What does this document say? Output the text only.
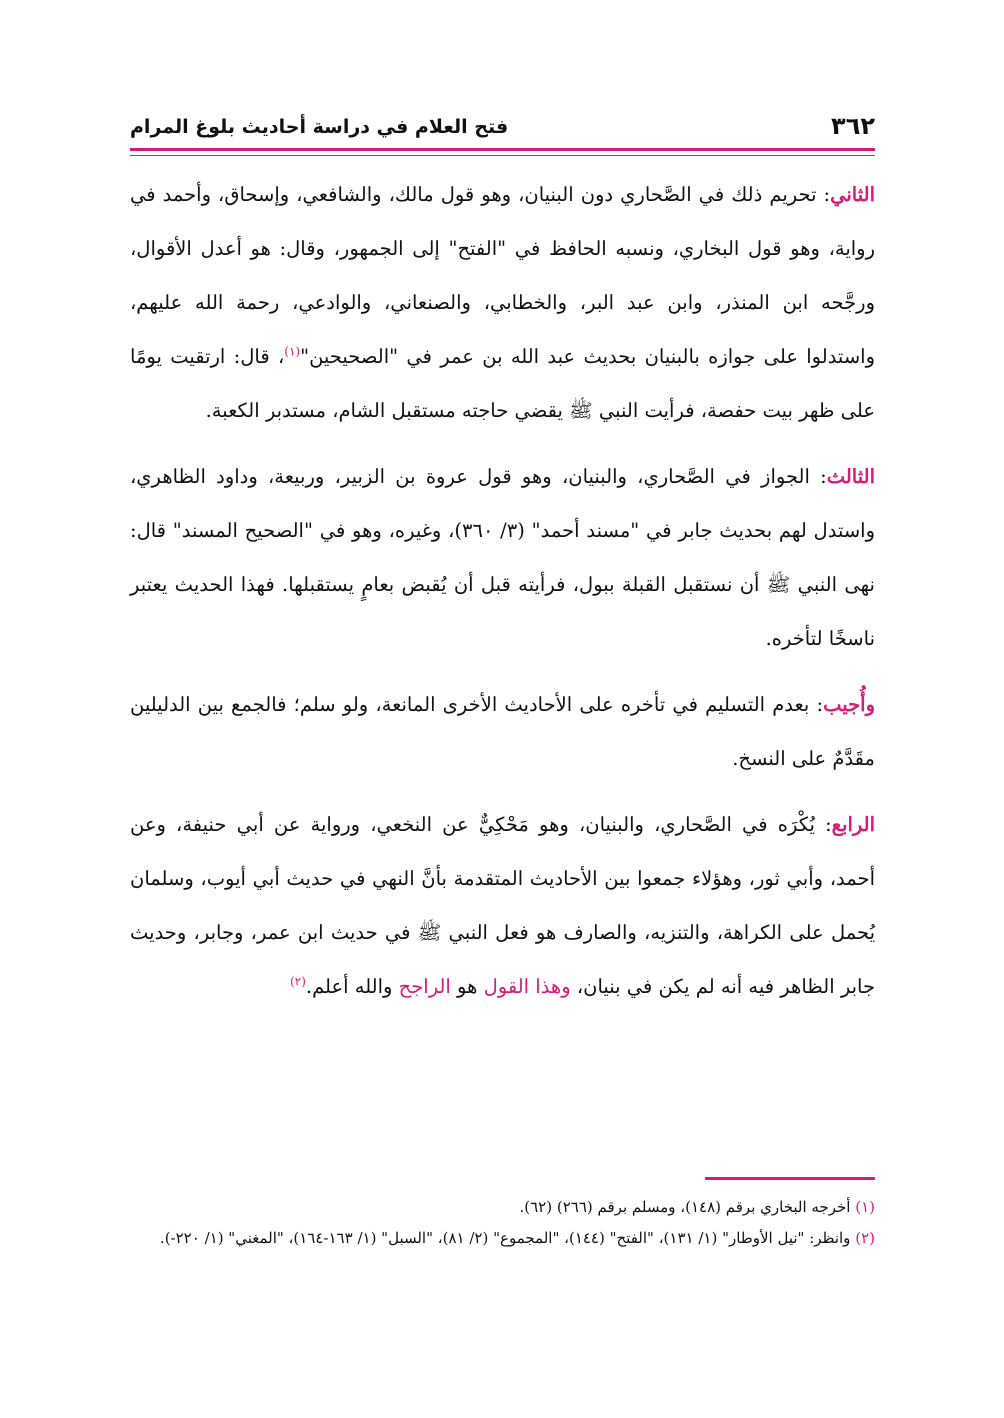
٣٦٢
فتح العلام في دراسة أحاديث بلوغ المرام

الثاني: تحريم ذلك في الصَّحاري دون البنيان، وهو قول مالك، والشافعي، وإسحاق، وأحمد في رواية، وهو قول البخاري، ونسبه الحافظ في "الفتح" إلى الجمهور، وقال: هو أعدل الأقوال، ورجَّحه ابن المنذر، وابن عبد البر، والخطابي، والصنعاني، والوادعي، رحمة الله عليهم، واستدلوا على جوازه بالبنيان بحديث عبد الله بن عمر في "الصحيحين"$^{(١)}$، قال: ارتقيت يومًا على ظهر بيت حفصة، فرأيت النبي ﷺ يقضي حاجته مستقبل الشام، مستدبر الكعبة.

الثالث: الجواز في الصَّحاري، والبنيان، وهو قول عروة بن الزبير، وربيعة، وداود الظاهري، واستدل لهم بحديث جابر في "مسند أحمد" (٣/ ٣٦٠)، وغيره، وهو في "الصحيح المسند" قال: نهى النبي ﷺ أن نستقبل القبلة ببول، فرأيته قبل أن يُقبض بعامٍ يستقبلها. فهذا الحديث يعتبر ناسخًا لتأخره.

وأُجيب: بعدم التسليم في تأخره على الأحاديث الأخرى المانعة، ولو سلم؛ فالجمع بين الدليلين مقَدَّمٌ على النسخ.

الرابع: يُكْرَه في الصَّحاري، والبنيان، وهو مَحْكِيٌّ عن النخعي، ورواية عن أبي حنيفة، وعن أحمد، وأبي ثور، وهؤلاء جمعوا بين الأحاديث المتقدمة بأنَّ النهي في حديث أبي أيوب، وسلمان يُحمل على الكراهة، والتنزيه، والصارف هو فعل النبي ﷺ في حديث ابن عمر، وجابر، وحديث جابر الظاهر فيه أنه لم يكن في بنيان، وهذا القول هو الراجح والله أعلم.$^{(٢)}$

(١) أخرجه البخاري برقم (١٤٨)، ومسلم برقم (٢٦٦) (٦٢).

(٢) وانظر: "نيل الأوطار" (١/ ١٣١)، "الفتح" (١٤٤)، "المجموع" (٢/ ٨١)، "السبل" (١/ ١٦٣-١٦٤)، "المغني" (١/ ٢٢٠-).
